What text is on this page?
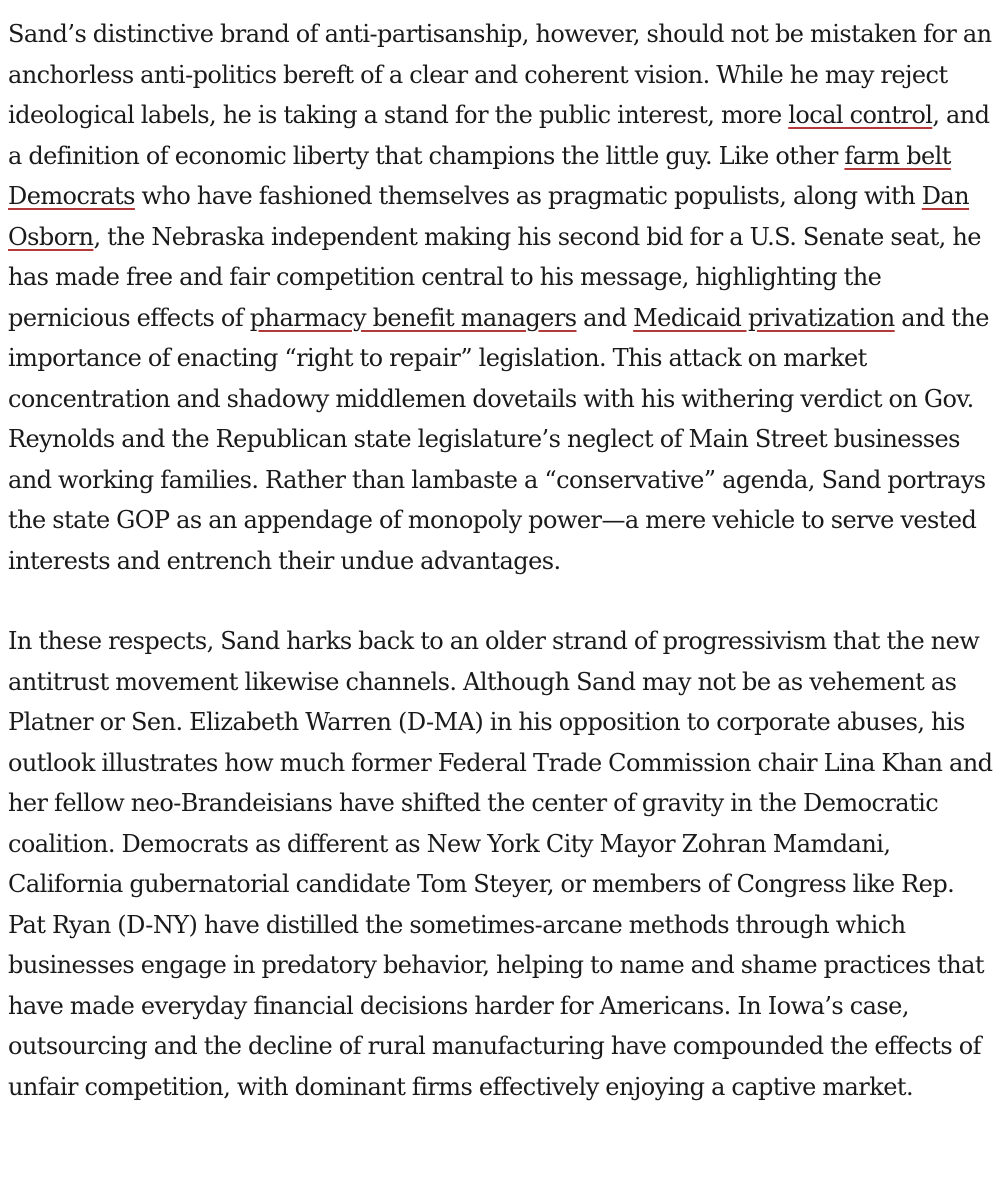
Sand’s distinctive brand of anti-partisanship, however, should not be mistaken for an anchorless anti-politics bereft of a clear and coherent vision. While he may reject ideological labels, he is taking a stand for the public interest, more local control, and a definition of economic liberty that champions the little guy. Like other farm belt Democrats who have fashioned themselves as pragmatic populists, along with Dan Osborn, the Nebraska independent making his second bid for a U.S. Senate seat, he has made free and fair competition central to his message, highlighting the pernicious effects of pharmacy benefit managers and Medicaid privatization and the importance of enacting “right to repair” legislation. This attack on market concentration and shadowy middlemen dovetails with his withering verdict on Gov. Reynolds and the Republican state legislature’s neglect of Main Street businesses and working families. Rather than lambaste a “conservative” agenda, Sand portrays the state GOP as an appendage of monopoly power—a mere vehicle to serve vested interests and entrench their undue advantages.

In these respects, Sand harks back to an older strand of progressivism that the new antitrust movement likewise channels. Although Sand may not be as vehement as Platner or Sen. Elizabeth Warren (D-MA) in his opposition to corporate abuses, his outlook illustrates how much former Federal Trade Commission chair Lina Khan and her fellow neo-Brandeisians have shifted the center of gravity in the Democratic coalition. Democrats as different as New York City Mayor Zohran Mamdani, California gubernatorial candidate Tom Steyer, or members of Congress like Rep. Pat Ryan (D-NY) have distilled the sometimes-arcane methods through which businesses engage in predatory behavior, helping to name and shame practices that have made everyday financial decisions harder for Americans. In Iowa’s case, outsourcing and the decline of rural manufacturing have compounded the effects of unfair competition, with dominant firms effectively enjoying a captive market.
